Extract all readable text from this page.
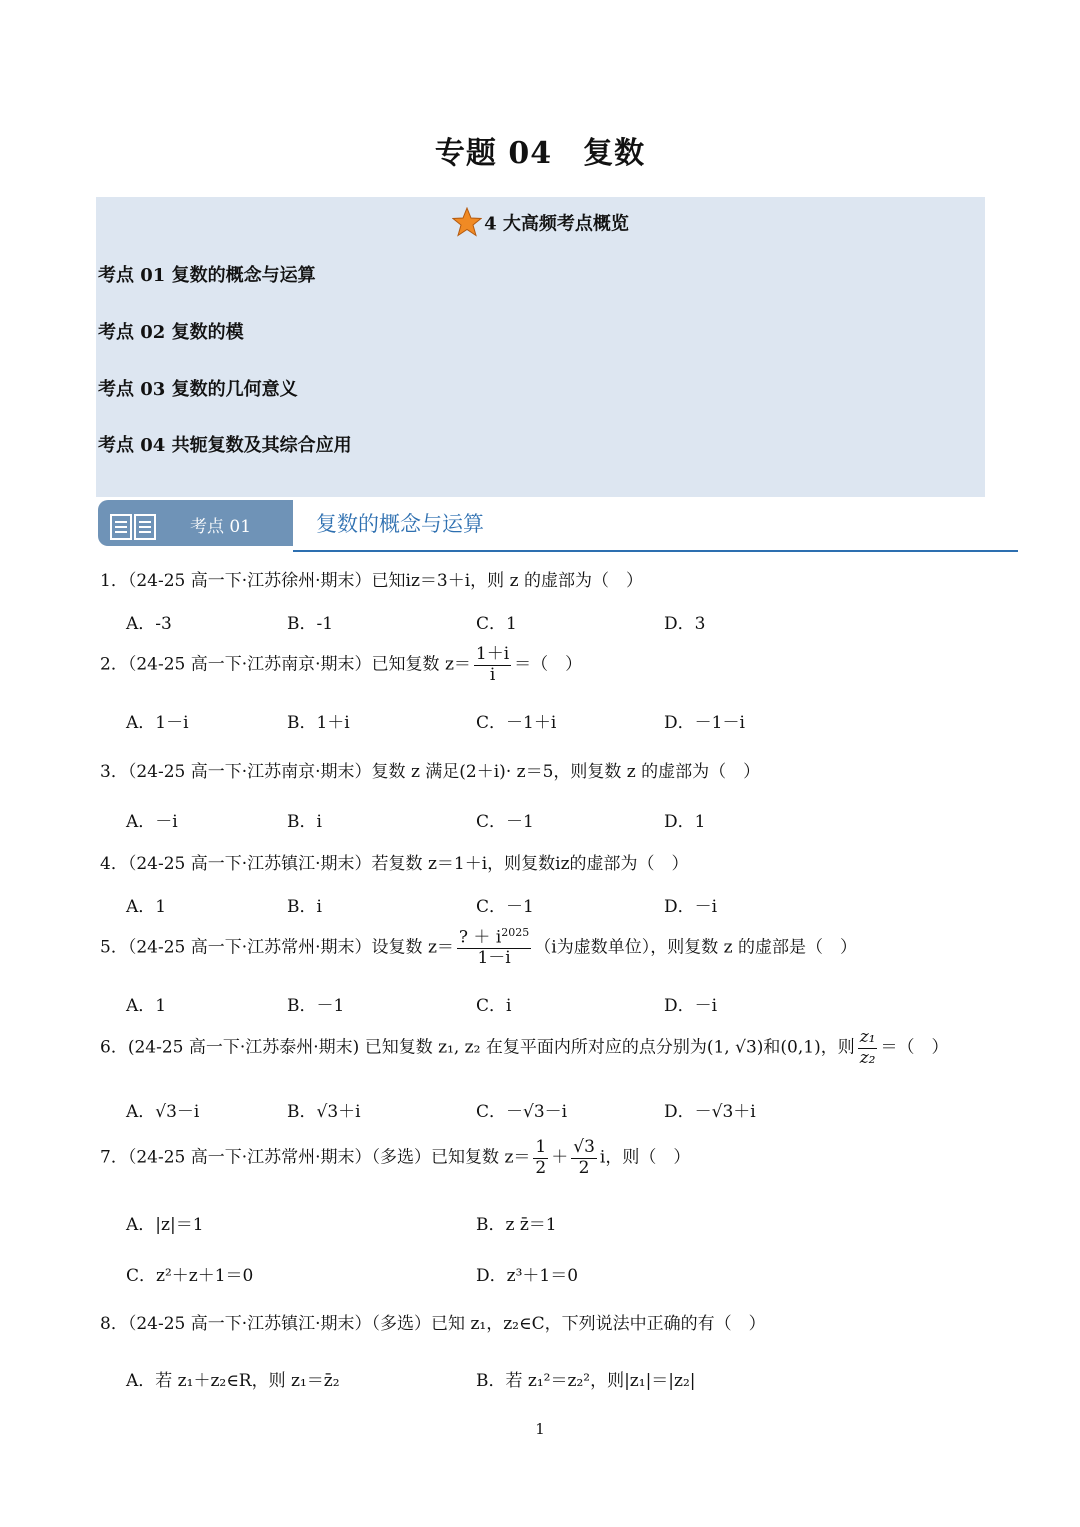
专题 04　复数
4 大高频考点概览
考点 01 复数的概念与运算
考点 02 复数的模
考点 03 复数的几何意义
考点 04 共轭复数及其综合应用
考点 01	复数的概念与运算
1．（24-25 高一下·江苏徐州·期末）已知iz＝3＋i，则 z 的虚部为（　）
A．-3	B．-1	C．1	D．3
2．（24-25 高一下·江苏南京·期末）已知复数 $z= \frac{1+i}{i}$ ＝（　）
A．1－i	B．1＋i	C．－1＋i	D．－1－i
3．（24-25 高一下·江苏南京·期末）复数 z 满足(2＋i)· z＝5，则复数 z 的虚部为（　）
A．－i	B．i	C．－1	D．1
4．（24-25 高一下·江苏镇江·期末）若复数 z＝1＋i，则复数iz的虚部为（　）
A．1	B．i	C．－1	D．－i
5．（24-25 高一下·江苏常州·期末）设复数 $z= \frac{? + i^{2025}}{1-i} (i$为虚数单位），则复数 z 的虚部是（　）
A．1	B．－1	C．i	D．－i
6．(24-25 高一下·江苏泰州·期末) 已知复数 z₁, z₂ 在复平面内所对应的点分别为(1, √3)和(0,1)，则 $\frac{\text{z₁}}{\text{z₂}}$ ＝（　）
A．√3－i	B．√3＋i	C．－√3－i	D．－√3＋i
7．（24-25 高一下·江苏常州·期末）（多选）已知复数 $z= \frac{1}{2} + \frac{√3}{2}$ i，则（　）
A．|z|＝1	B．z z̄＝1
C．z²＋z＋1＝0	D．z³＋1＝0
8．（24-25 高一下·江苏镇江·期末）（多选）已知 z₁，z₂∈C，下列说法中正确的有（　）
A．若 z₁＋z₂∈R，则 z₁＝z̄₂	B．若 z₁²＝z₂²，则|z₁|＝|z₂|
1
